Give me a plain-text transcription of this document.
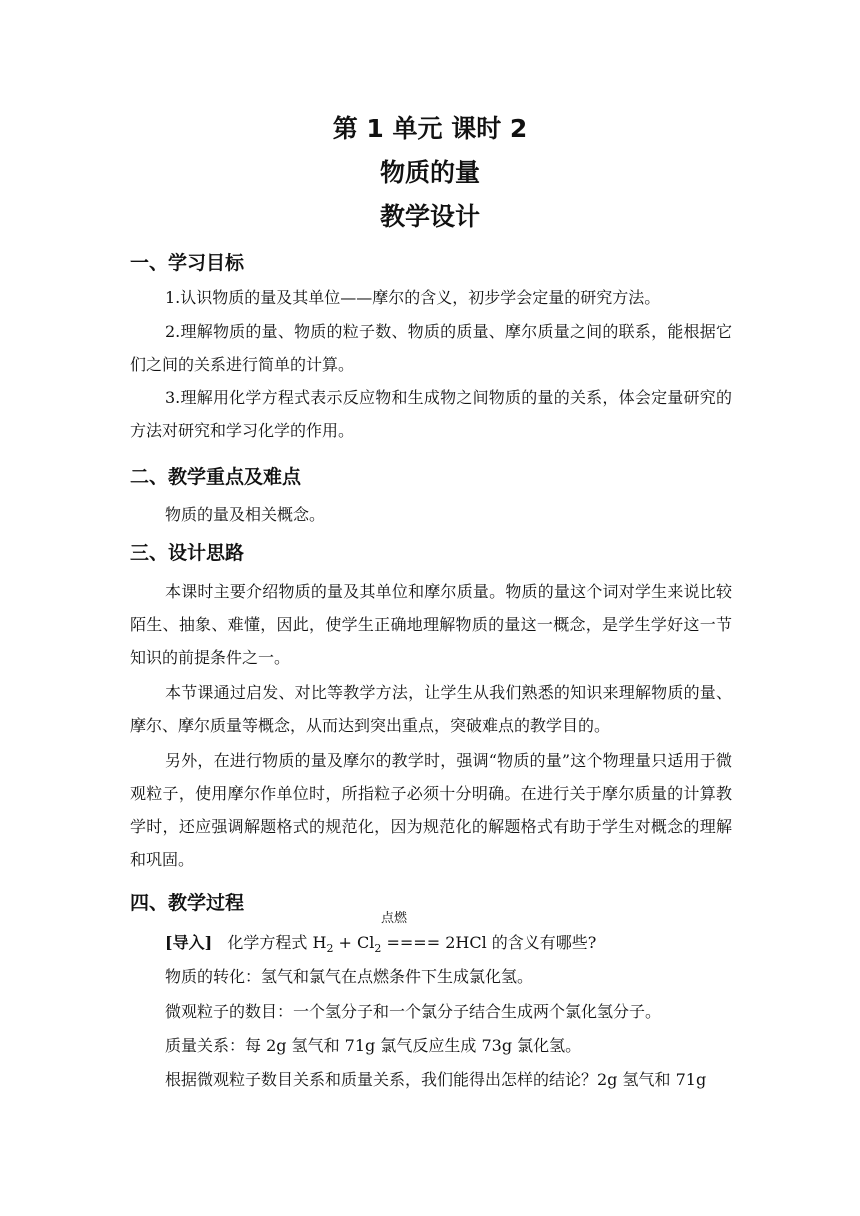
第 1 单元 课时 2
物质的量
教学设计
一、学习目标
1.认识物质的量及其单位——摩尔的含义，初步学会定量的研究方法。
2.理解物质的量、物质的粒子数、物质的质量、摩尔质量之间的联系，能根据它们之间的关系进行简单的计算。
3.理解用化学方程式表示反应物和生成物之间物质的量的关系，体会定量研究的方法对研究和学习化学的作用。
二、教学重点及难点
物质的量及相关概念。
三、设计思路
本课时主要介绍物质的量及其单位和摩尔质量。物质的量这个词对学生来说比较陌生、抽象、难懂，因此，使学生正确地理解物质的量这一概念，是学生学好这一节知识的前提条件之一。
本节课通过启发、对比等教学方法，让学生从我们熟悉的知识来理解物质的量、摩尔、摩尔质量等概念，从而达到突出重点，突破难点的教学目的。
另外，在进行物质的量及摩尔的教学时，强调“物质的量”这个物理量只适用于微观粒子，使用摩尔作单位时，所指粒子必须十分明确。在进行关于摩尔质量的计算教学时，还应强调解题格式的规范化，因为规范化的解题格式有助于学生对概念的理解和巩固。
四、教学过程
点燃
[导入] 化学方程式 $H_2 + Cl_2$ ==== 2HCl 的含义有哪些?
物质的转化：氢气和氯气在点燃条件下生成氯化氢。
微观粒子的数目：一个氢分子和一个氯分子结合生成两个氯化氢分子。
质量关系：每 2g 氢气和 71g 氯气反应生成 73g 氯化氢。
根据微观粒子数目关系和质量关系，我们能得出怎样的结论？2g 氢气和 71g
